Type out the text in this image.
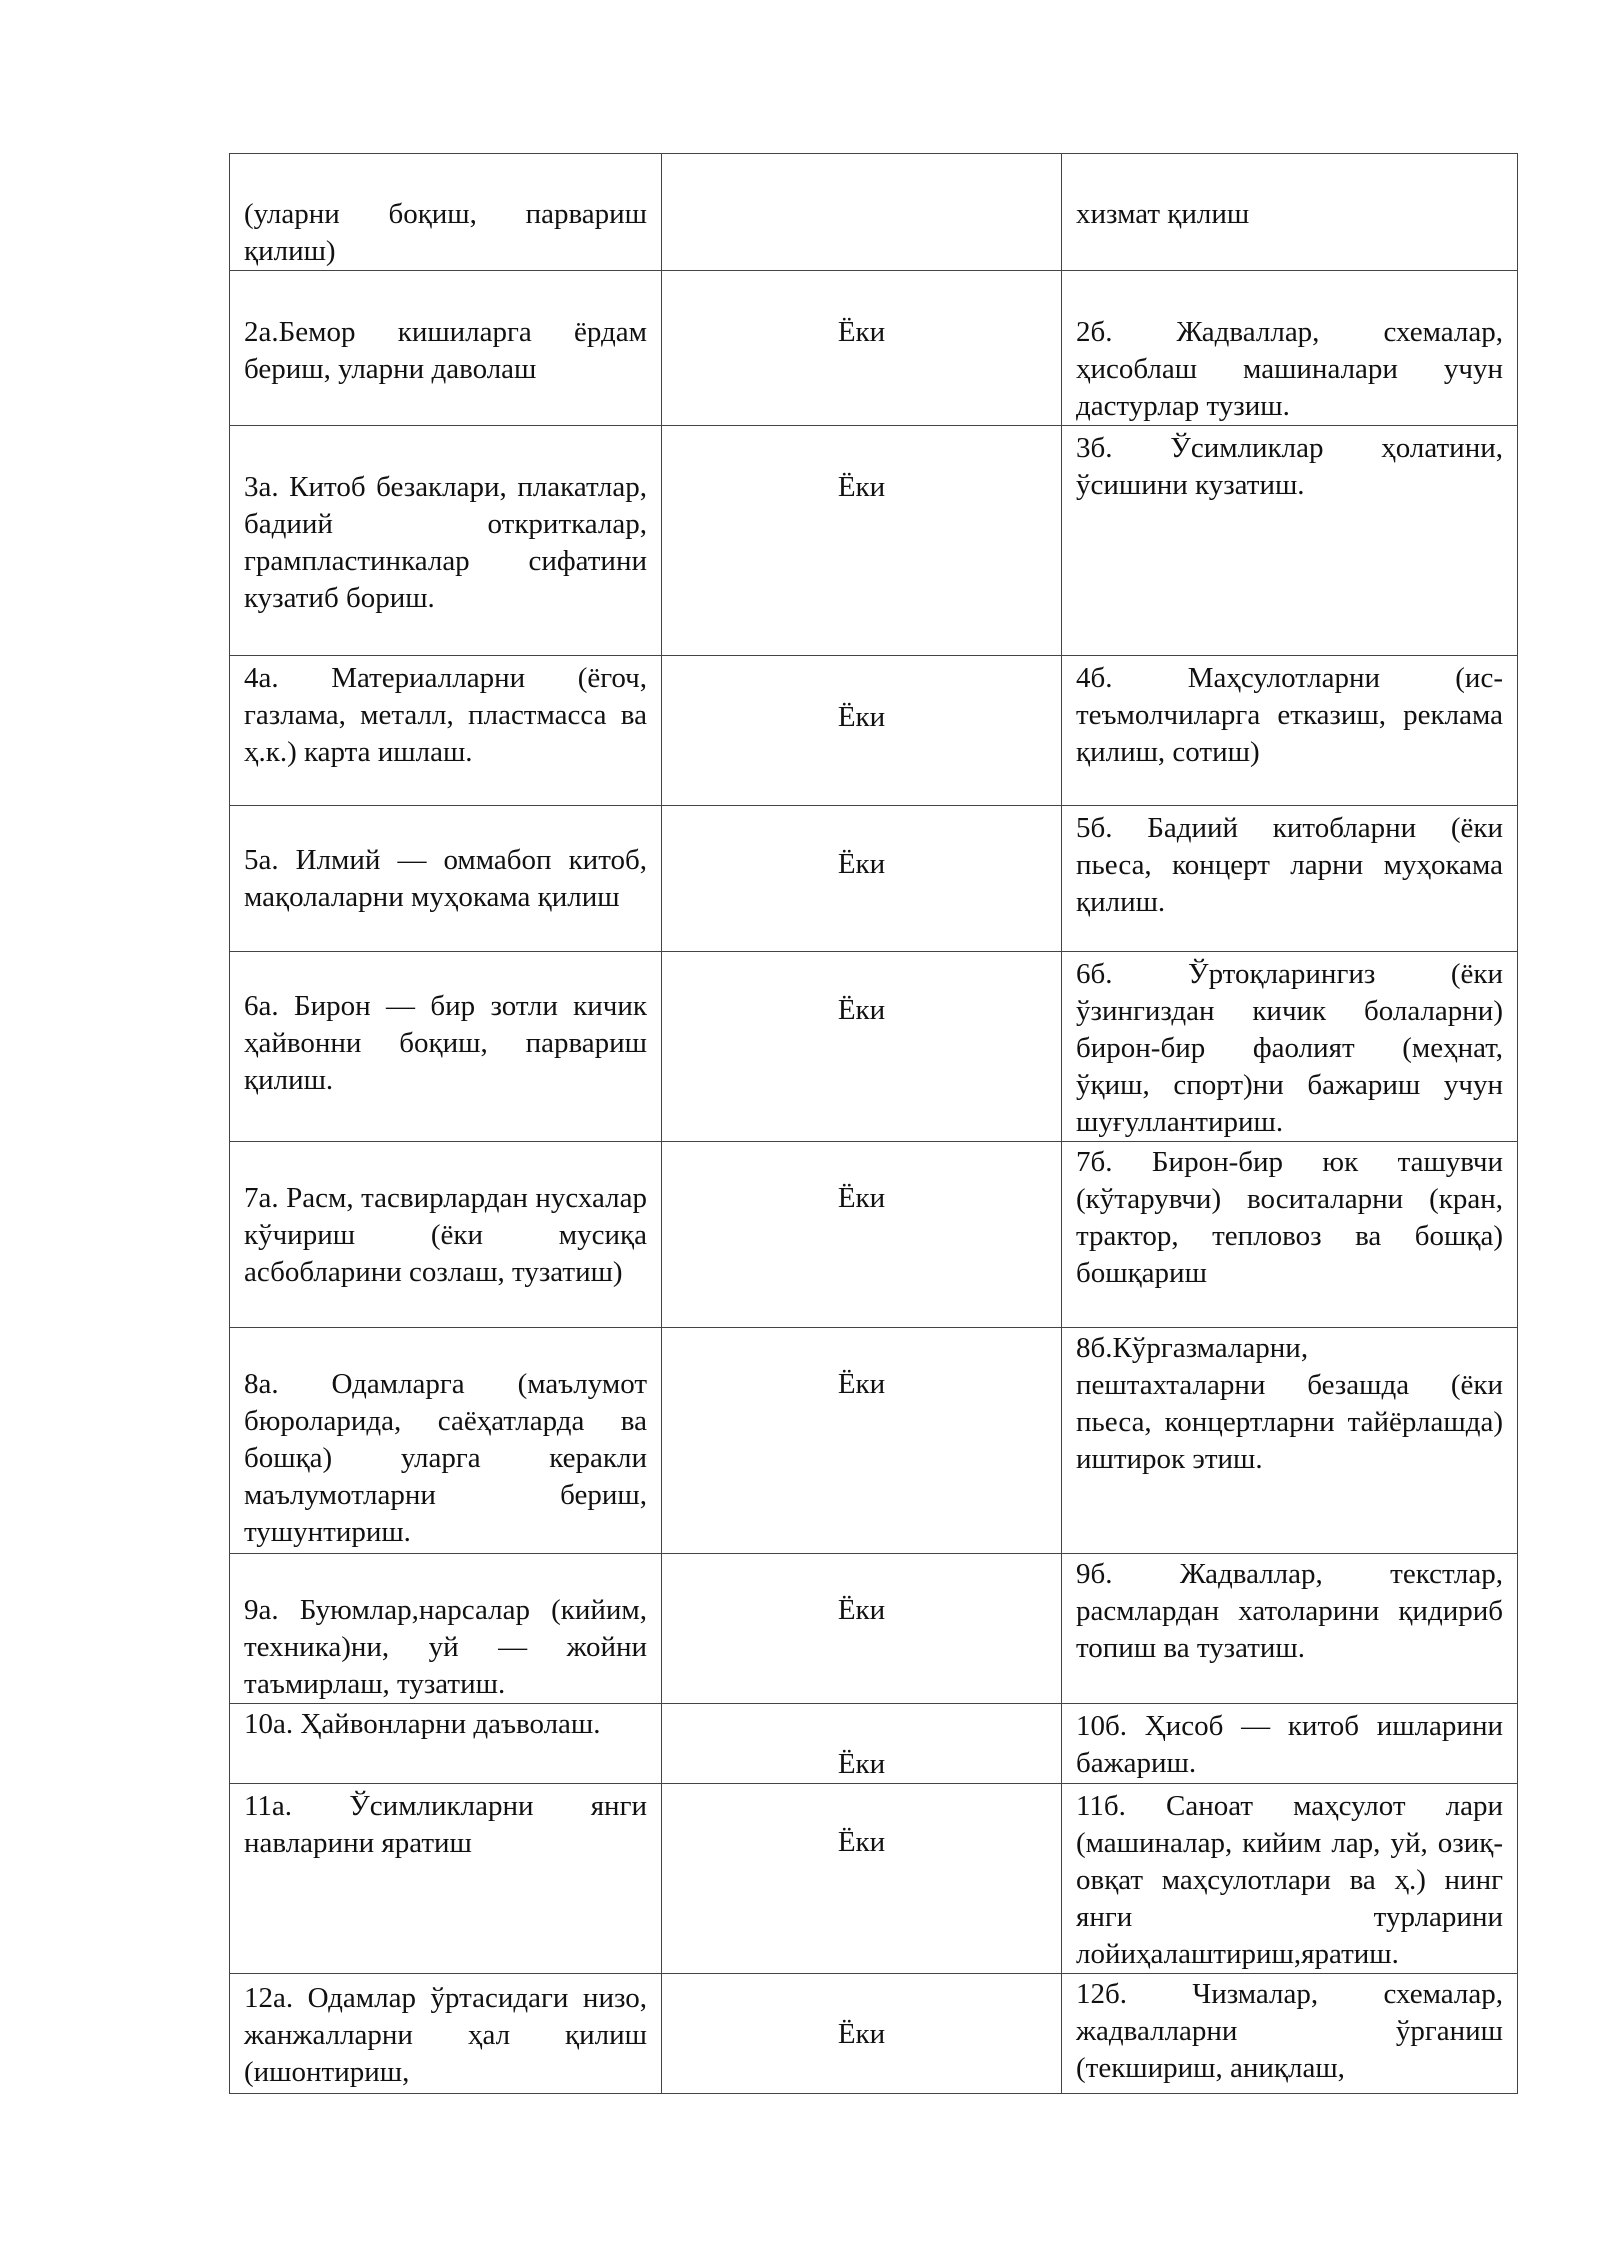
(уларни боқиш, парвариш қилиш)		хизмат қилиш

2а.Бемор кишиларга ёрдам бериш, уларни даволаш	Ёки	2б. Жадваллар, схемалар, ҳисоблаш машиналари учун дастурлар тузиш.

3а. Китоб безаклари, плакатлар, бадиий откриткалар, грампластинкалар сифатини кузатиб бориш.	Ёки	3б. Ўсимликлар ҳолатини, ўсишини кузатиш.

4а. Материалларни (ёгоч, газлама, металл, пластмасса ва ҳ.к.) карта ишлаш.	Ёки	4б. Маҳсулотларни (истеъмолчиларга етказиш, реклама қилиш, сотиш)

5а. Илмий — оммабоп китоб, мақолаларни муҳокама қилиш	Ёки	5б. Бадиий китобларни (ёки пьеса, концерт ларни муҳокама қилиш.

6а. Бирон — бир зотли кичик ҳайвонни боқиш, парвариш қилиш.	Ёки	6б. Ўртоқларингиз (ёки ўзингиздан кичик болаларни) бирон-бир фаолият (меҳнат, ўқиш, спорт)ни бажариш учун шуғуллантириш.

7а. Расм, тасвирлардан нусхалар кўчириш (ёки мусиқа асбобларини созлаш, тузатиш)	Ёки	7б. Бирон-бир юк ташувчи (кўтарувчи) воситаларни (кран, трактор, тепловоз ва бошқа) бошқариш

8а. Одамларга (маълумот бюроларида, саёҳатларда ва бошқа) уларга керакли маълумотларни бериш, тушунтириш.	Ёки	8б.Кўргазмаларни, пештахталарни безашда (ёки пьеса, концертларни тайёрлашда) иштирок этиш.

9а. Буюмлар,нарсалар (кийим, техника)ни, уй — жойни таъмирлаш, тузатиш.	Ёки	9б. Жадваллар, текстлар, расмлардан хатоларини қидириб топиш ва тузатиш.

10а. Ҳайвонларни даъволаш.	Ёки	10б. Ҳисоб — китоб ишларини бажариш.

11а. Ўсимликларни янги навларини яратиш	Ёки	11б. Саноат маҳсулот лари (машиналар, кийим лар, уй, озиқ-овқат маҳсулотлари ва ҳ.) нинг янги турларини лойиҳалаштириш,яратиш.

12а. Одамлар ўртасидаги низо, жанжалларни ҳал қилиш (ишонтириш,	Ёки	12б. Чизмалар, схемалар, жадвалларни ўрганиш (текшириш, аниқлаш,
